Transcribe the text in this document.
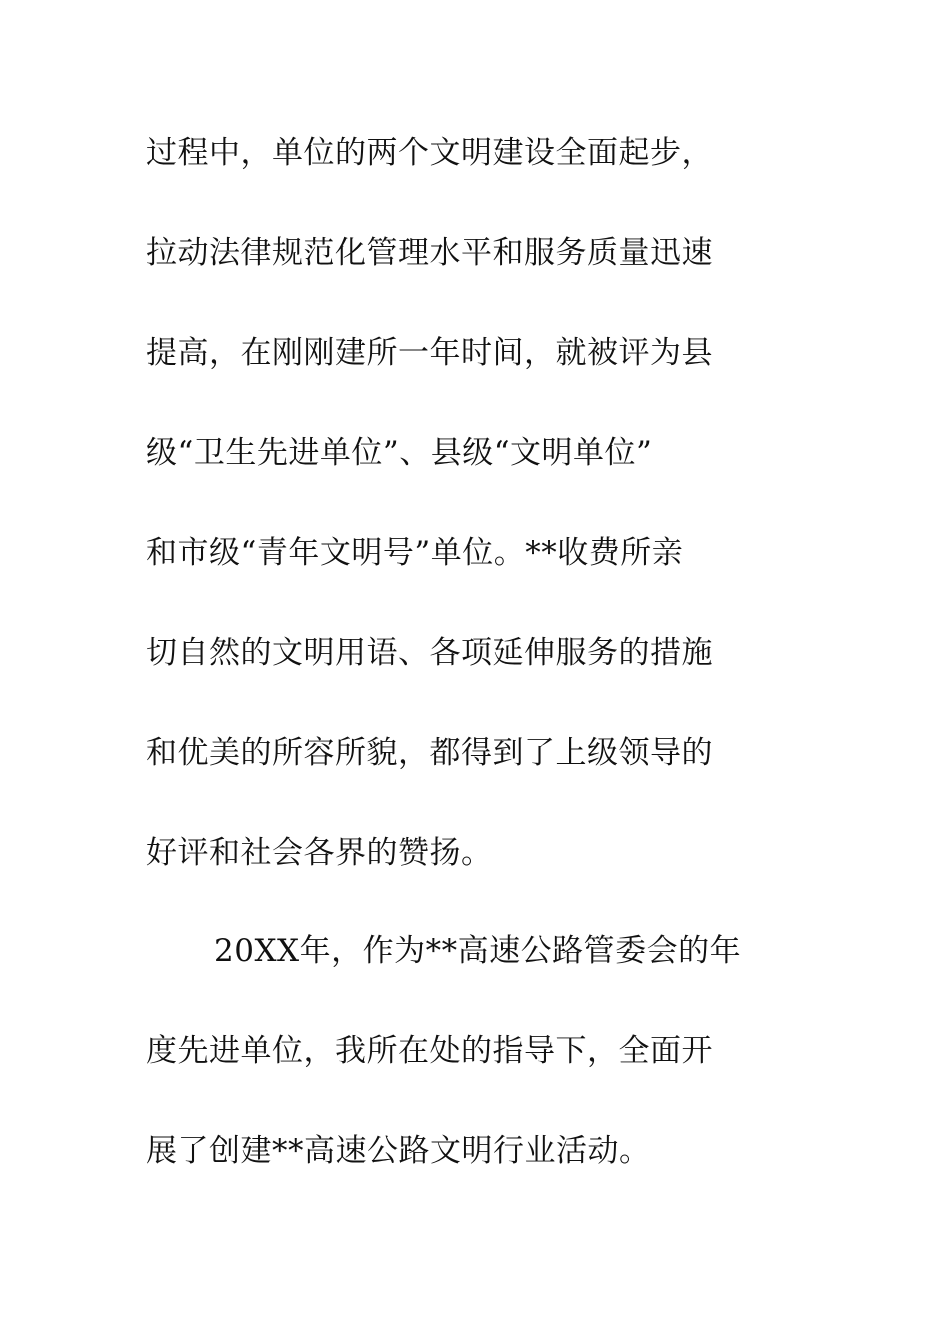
过程中，单位的两个文明建设全面起步，
拉动法律规范化管理水平和服务质量迅速
提高，在刚刚建所一年时间，就被评为县
级“卫生先进单位”、县级“文明单位”
和市级“青年文明号”单位。**收费所亲
切自然的文明用语、各项延伸服务的措施
和优美的所容所貌，都得到了上级领导的
好评和社会各界的赞扬。
20XX年，作为**高速公路管委会的年
度先进单位，我所在处的指导下，全面开
展了创建**高速公路文明行业活动。
